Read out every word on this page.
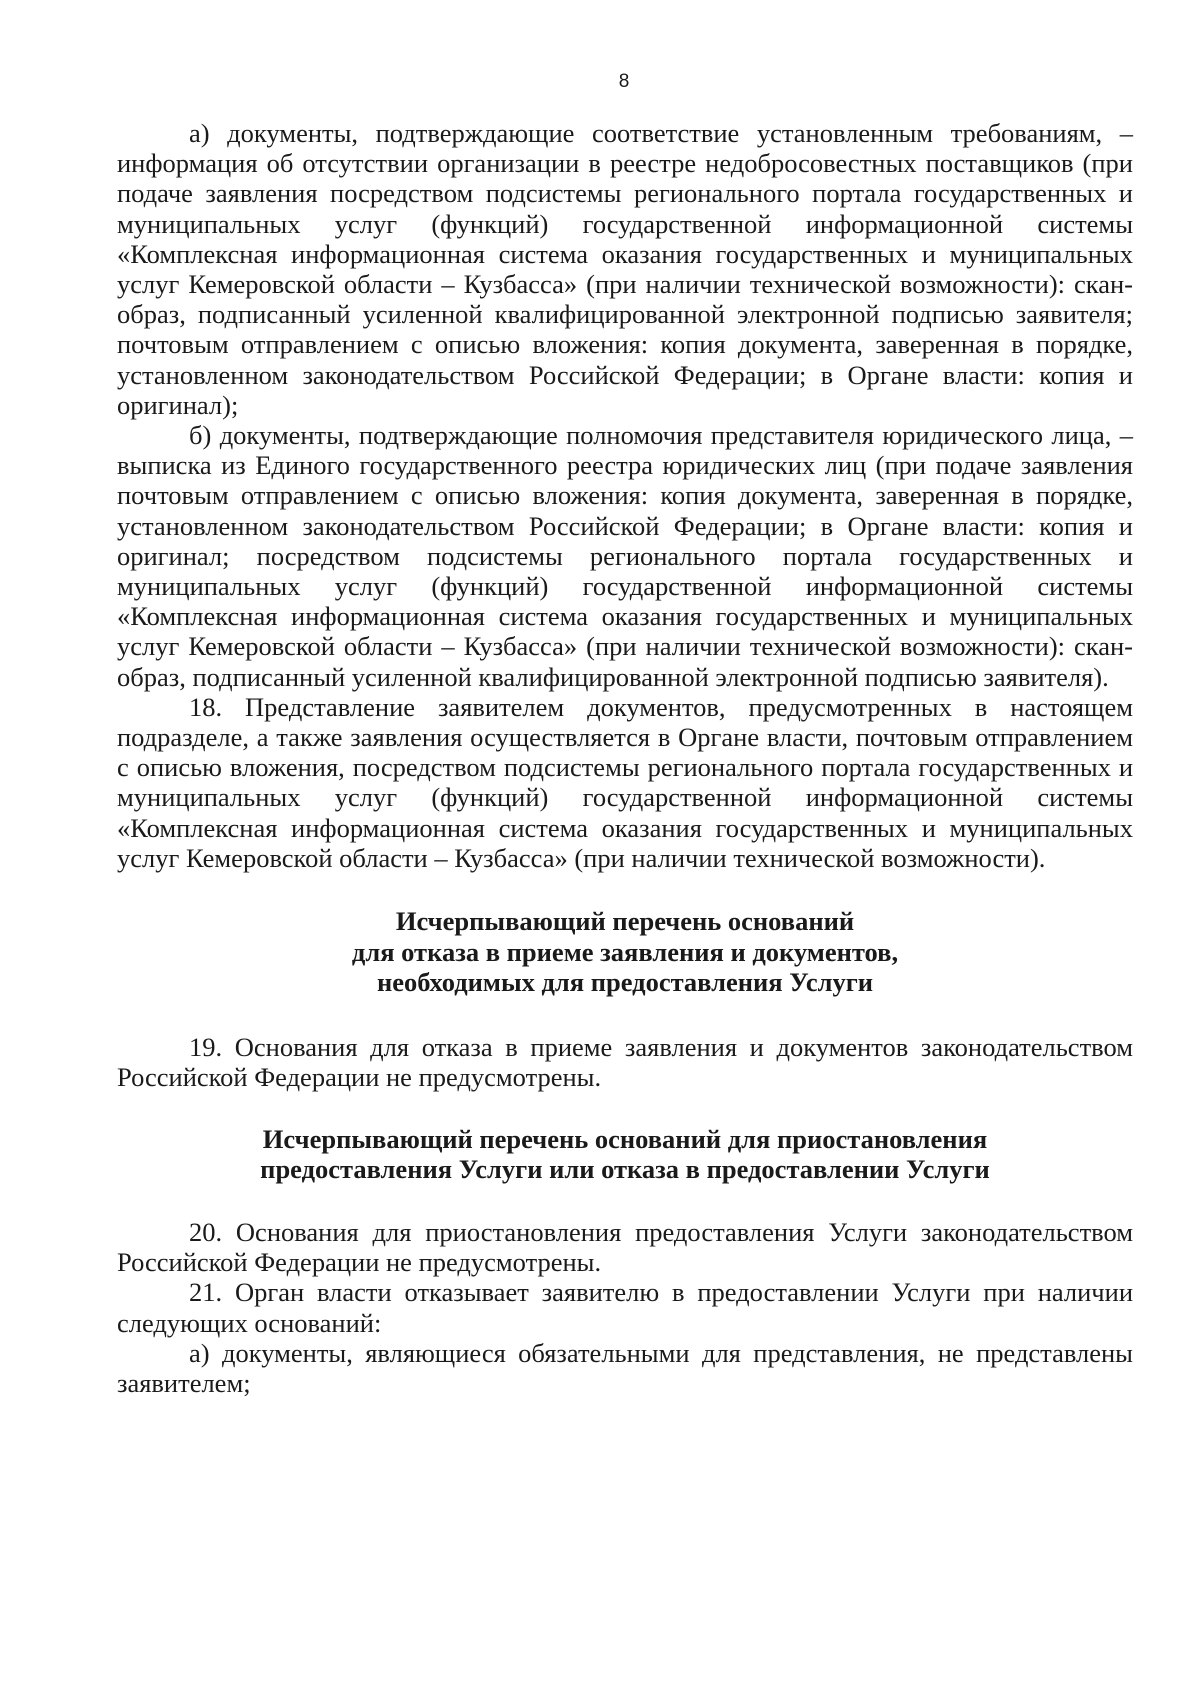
8

а) документы, подтверждающие соответствие установленным требованиям, – информация об отсутствии организации в реестре недобросовестных поставщиков (при подаче заявления посредством подсистемы регионального портала государственных и муниципальных услуг (функций) государственной информационной системы «Комплексная информационная система оказания государственных и муниципальных услуг Кемеровской области – Кузбасса» (при наличии технической возможности): скан-образ, подписанный усиленной квалифицированной электронной подписью заявителя; почтовым отправлением с описью вложения: копия документа, заверенная в порядке, установленном законодательством Российской Федерации; в Органе власти: копия и оригинал);

б) документы, подтверждающие полномочия представителя юридического лица, – выписка из Единого государственного реестра юридических лиц (при подаче заявления почтовым отправлением с описью вложения: копия документа, заверенная в порядке, установленном законодательством Российской Федерации; в Органе власти: копия и оригинал; посредством подсистемы регионального портала государственных и муниципальных услуг (функций) государственной информационной системы «Комплексная информационная система оказания государственных и муниципальных услуг Кемеровской области – Кузбасса» (при наличии технической возможности): скан-образ, подписанный усиленной квалифицированной электронной подписью заявителя).

18. Представление заявителем документов, предусмотренных в настоящем подразделе, а также заявления осуществляется в Органе власти, почтовым отправлением с описью вложения, посредством подсистемы регионального портала государственных и муниципальных услуг (функций) государственной информационной системы «Комплексная информационная система оказания государственных и муниципальных услуг Кемеровской области – Кузбасса» (при наличии технической возможности).

Исчерпывающий перечень оснований
для отказа в приеме заявления и документов,
необходимых для предоставления Услуги

19. Основания для отказа в приеме заявления и документов законодательством Российской Федерации не предусмотрены.

Исчерпывающий перечень оснований для приостановления
предоставления Услуги или отказа в предоставлении Услуги

20. Основания для приостановления предоставления Услуги законодательством Российской Федерации не предусмотрены.

21. Орган власти отказывает заявителю в предоставлении Услуги при наличии следующих оснований:

а) документы, являющиеся обязательными для представления, не представлены заявителем;
